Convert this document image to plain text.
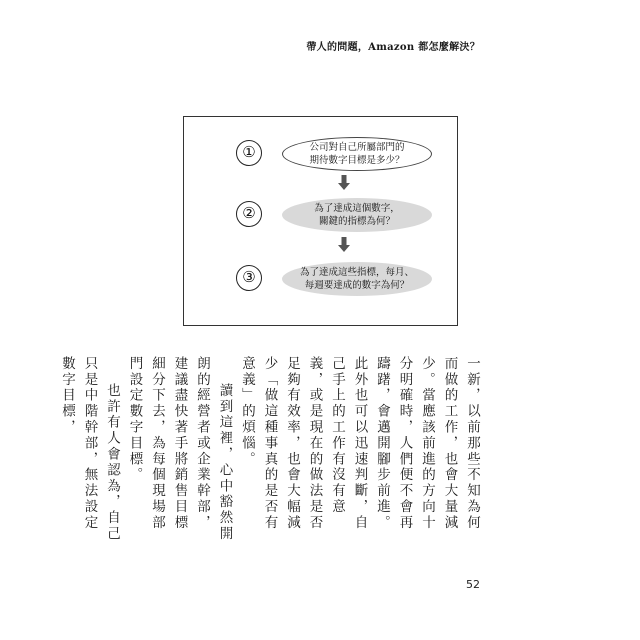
帶人的問題，Amazon 都怎麼解決？
①	公司對自己所屬部門的
期待數字目標是多少？
②	為了達成這個數字，
關鍵的指標為何？
③	為了達成這些指標，每月、
每週要達成的數字為何？

一新，以前那些不知為何而做的工作，也會大量減少。當應該前進的方向十分明確時，人們便不會再躊躇，會邁開腳步前進。此外也可以迅速判斷，自己手上的工作有沒有意義，或是現在的做法是否足夠有效率，也會大幅減少「做這種事真的是否有意義」的煩惱。

讀到這裡，心中豁然開朗的經營者或企業幹部，建議盡快著手將銷售目標細分下去，為每個現場部門設定數字目標。

也許有人會認為，自己只是中階幹部，無法設定數字目標，

52
